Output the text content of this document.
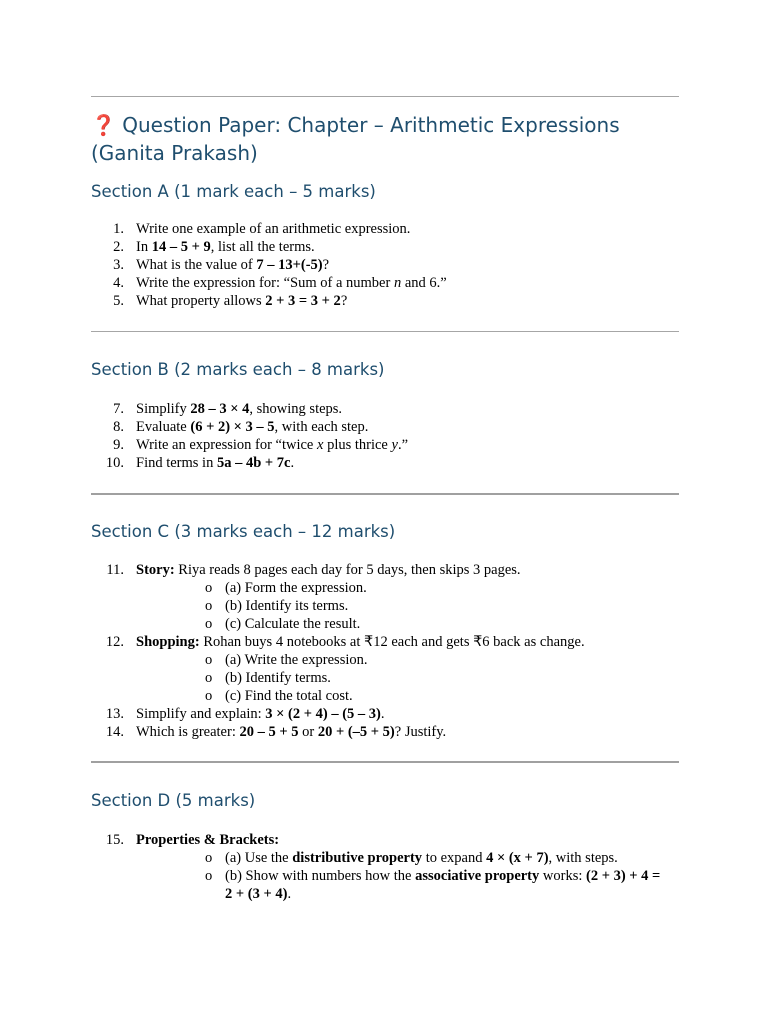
❓ Question Paper: Chapter – Arithmetic Expressions (Ganita Prakash)
Section A (1 mark each – 5 marks)
1. Write one example of an arithmetic expression.
2. In 14 – 5 + 9, list all the terms.
3. What is the value of 7 – 13+(-5)?
4. Write the expression for: “Sum of a number n and 6.”
5. What property allows 2 + 3 = 3 + 2?
Section B (2 marks each – 8 marks)
7. Simplify 28 – 3 × 4, showing steps.
8. Evaluate (6 + 2) × 3 – 5, with each step.
9. Write an expression for “twice x plus thrice y.”
10. Find terms in 5a – 4b + 7c.
Section C (3 marks each – 12 marks)
11. Story: Riya reads 8 pages each day for 5 days, then skips 3 pages.
o (a) Form the expression.
o (b) Identify its terms.
o (c) Calculate the result.
12. Shopping: Rohan buys 4 notebooks at ₹12 each and gets ₹6 back as change.
o (a) Write the expression.
o (b) Identify terms.
o (c) Find the total cost.
13. Simplify and explain: 3 × (2 + 4) – (5 – 3).
14. Which is greater: 20 – 5 + 5 or 20 + (–5 + 5)? Justify.
Section D (5 marks)
15. Properties & Brackets:
o (a) Use the distributive property to expand 4 × (x + 7), with steps.
o (b) Show with numbers how the associative property works: (2 + 3) + 4 =
2 + (3 + 4).
